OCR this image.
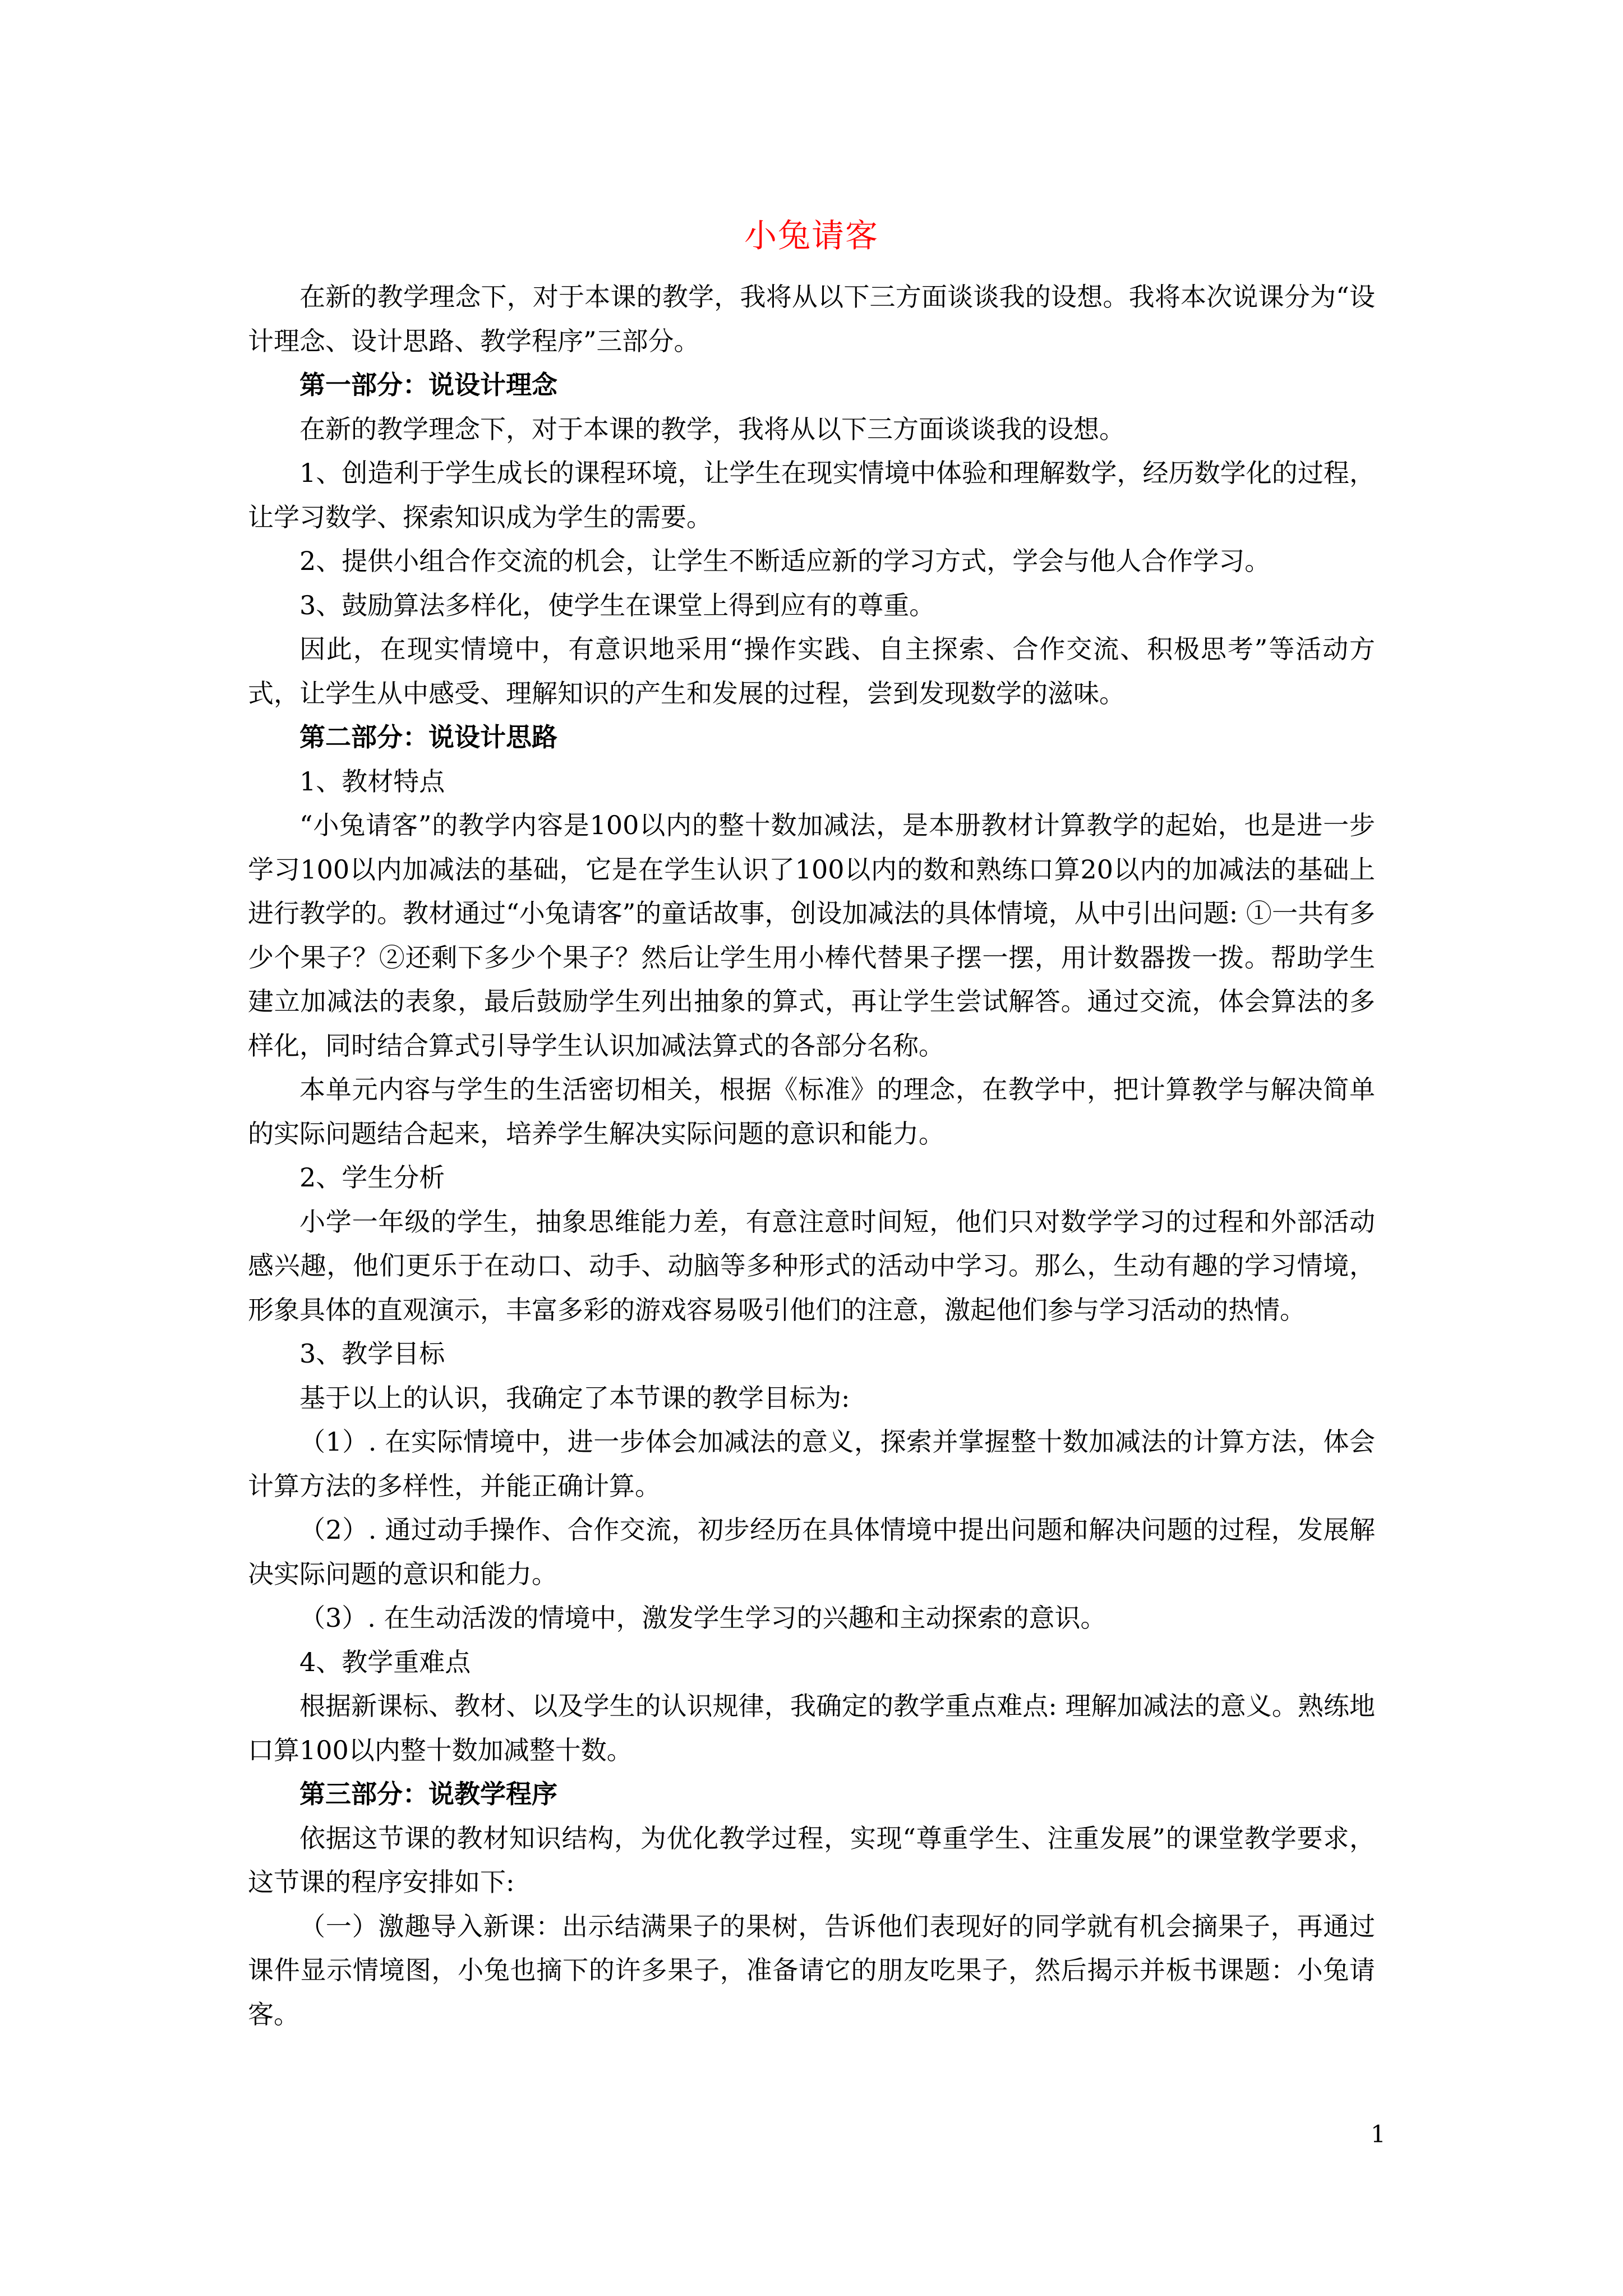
小兔请客

在新的教学理念下，对于本课的教学，我将从以下三方面谈谈我的设想。我将本次说课分为“设计理念、设计思路、教学程序”三部分。

第一部分：说设计理念

在新的教学理念下，对于本课的教学，我将从以下三方面谈谈我的设想。

1、创造利于学生成长的课程环境，让学生在现实情境中体验和理解数学，经历数学化的过程，让学习数学、探索知识成为学生的需要。

2、提供小组合作交流的机会，让学生不断适应新的学习方式，学会与他人合作学习。

3、鼓励算法多样化，使学生在课堂上得到应有的尊重。

因此，在现实情境中，有意识地采用“操作实践、自主探索、合作交流、积极思考”等活动方式，让学生从中感受、理解知识的产生和发展的过程，尝到发现数学的滋味。

第二部分：说设计思路

1、教材特点

“小兔请客”的教学内容是100以内的整十数加减法，是本册教材计算教学的起始，也是进一步学习100以内加减法的基础，它是在学生认识了100以内的数和熟练口算20以内的加减法的基础上进行教学的。教材通过“小兔请客”的童话故事，创设加减法的具体情境，从中引出问题: ①一共有多少个果子？②还剩下多少个果子？然后让学生用小棒代替果子摆一摆，用计数器拨一拨。帮助学生建立加减法的表象，最后鼓励学生列出抽象的算式，再让学生尝试解答。通过交流，体会算法的多样化，同时结合算式引导学生认识加减法算式的各部分名称。

本单元内容与学生的生活密切相关，根据《标准》的理念，在教学中，把计算教学与解决简单的实际问题结合起来，培养学生解决实际问题的意识和能力。

2、学生分析

小学一年级的学生，抽象思维能力差，有意注意时间短，他们只对数学学习的过程和外部活动感兴趣，他们更乐于在动口、动手、动脑等多种形式的活动中学习。那么，生动有趣的学习情境，形象具体的直观演示，丰富多彩的游戏容易吸引他们的注意，激起他们参与学习活动的热情。

3、教学目标

基于以上的认识，我确定了本节课的教学目标为:

（1）. 在实际情境中，进一步体会加减法的意义，探索并掌握整十数加减法的计算方法，体会计算方法的多样性，并能正确计算。

（2）. 通过动手操作、合作交流，初步经历在具体情境中提出问题和解决问题的过程，发展解决实际问题的意识和能力。

（3）. 在生动活泼的情境中，激发学生学习的兴趣和主动探索的意识。

4、教学重难点

根据新课标、教材、以及学生的认识规律，我确定的教学重点难点: 理解加减法的意义。熟练地口算100以内整十数加减整十数。

第三部分：说教学程序

依据这节课的教材知识结构，为优化教学过程，实现“尊重学生、注重发展”的课堂教学要求，这节课的程序安排如下:

（一）激趣导入新课：出示结满果子的果树，告诉他们表现好的同学就有机会摘果子，再通过课件显示情境图，小兔也摘下的许多果子，准备请它的朋友吃果子，然后揭示并板书课题：小兔请客。

1
